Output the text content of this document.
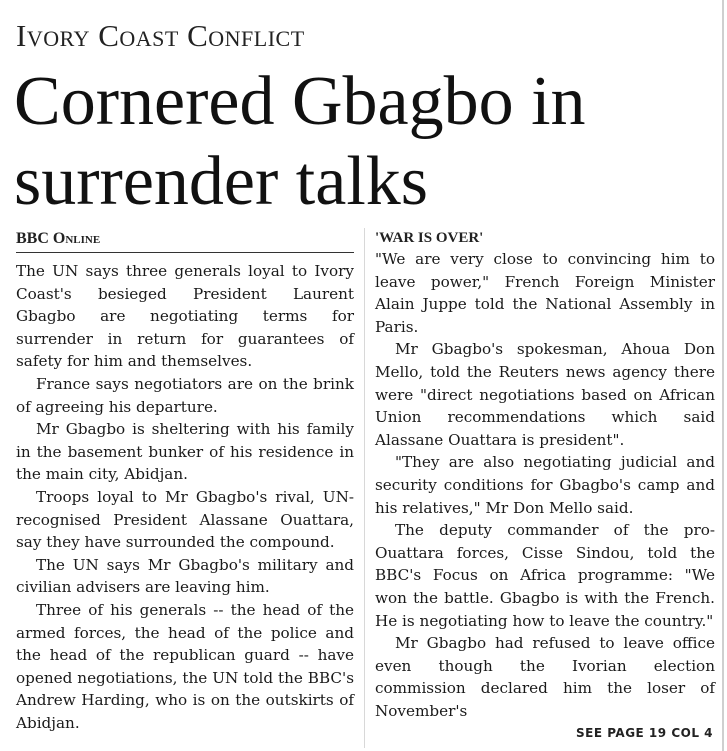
Ivory Coast Conflict
Cornered Gbagbo in surrender talks
BBC Online

The UN says three generals loyal to Ivory Coast's besieged President Laurent Gbagbo are negotiating terms for surrender in return for guarantees of safety for him and themselves.

France says negotiators are on the brink of agreeing his departure.

Mr Gbagbo is sheltering with his family in the basement bunker of his residence in the main city, Abidjan.

Troops loyal to Mr Gbagbo's rival, UN-recognised President Alassane Ouattara, say they have surrounded the compound.

The UN says Mr Gbagbo's military and civilian advisers are leaving him.

Three of his generals -- the head of the armed forces, the head of the police and the head of the republican guard -- have opened negotiations, the UN told the BBC's Andrew Harding, who is on the outskirts of Abidjan.

'WAR IS OVER'

"We are very close to convincing him to leave power," French Foreign Minister Alain Juppe told the National Assembly in Paris.

Mr Gbagbo's spokesman, Ahoua Don Mello, told the Reuters news agency there were "direct negotiations based on African Union recommendations which said Alassane Ouattara is president".

"They are also negotiating judicial and security conditions for Gbagbo's camp and his relatives," Mr Don Mello said.

The deputy commander of the pro-Ouattara forces, Cisse Sindou, told the BBC's Focus on Africa programme: "We won the battle. Gbagbo is with the French. He is negotiating how to leave the country."

Mr Gbagbo had refused to leave office even though the Ivorian election commission declared him the loser of November's

SEE PAGE 19 COL 4
